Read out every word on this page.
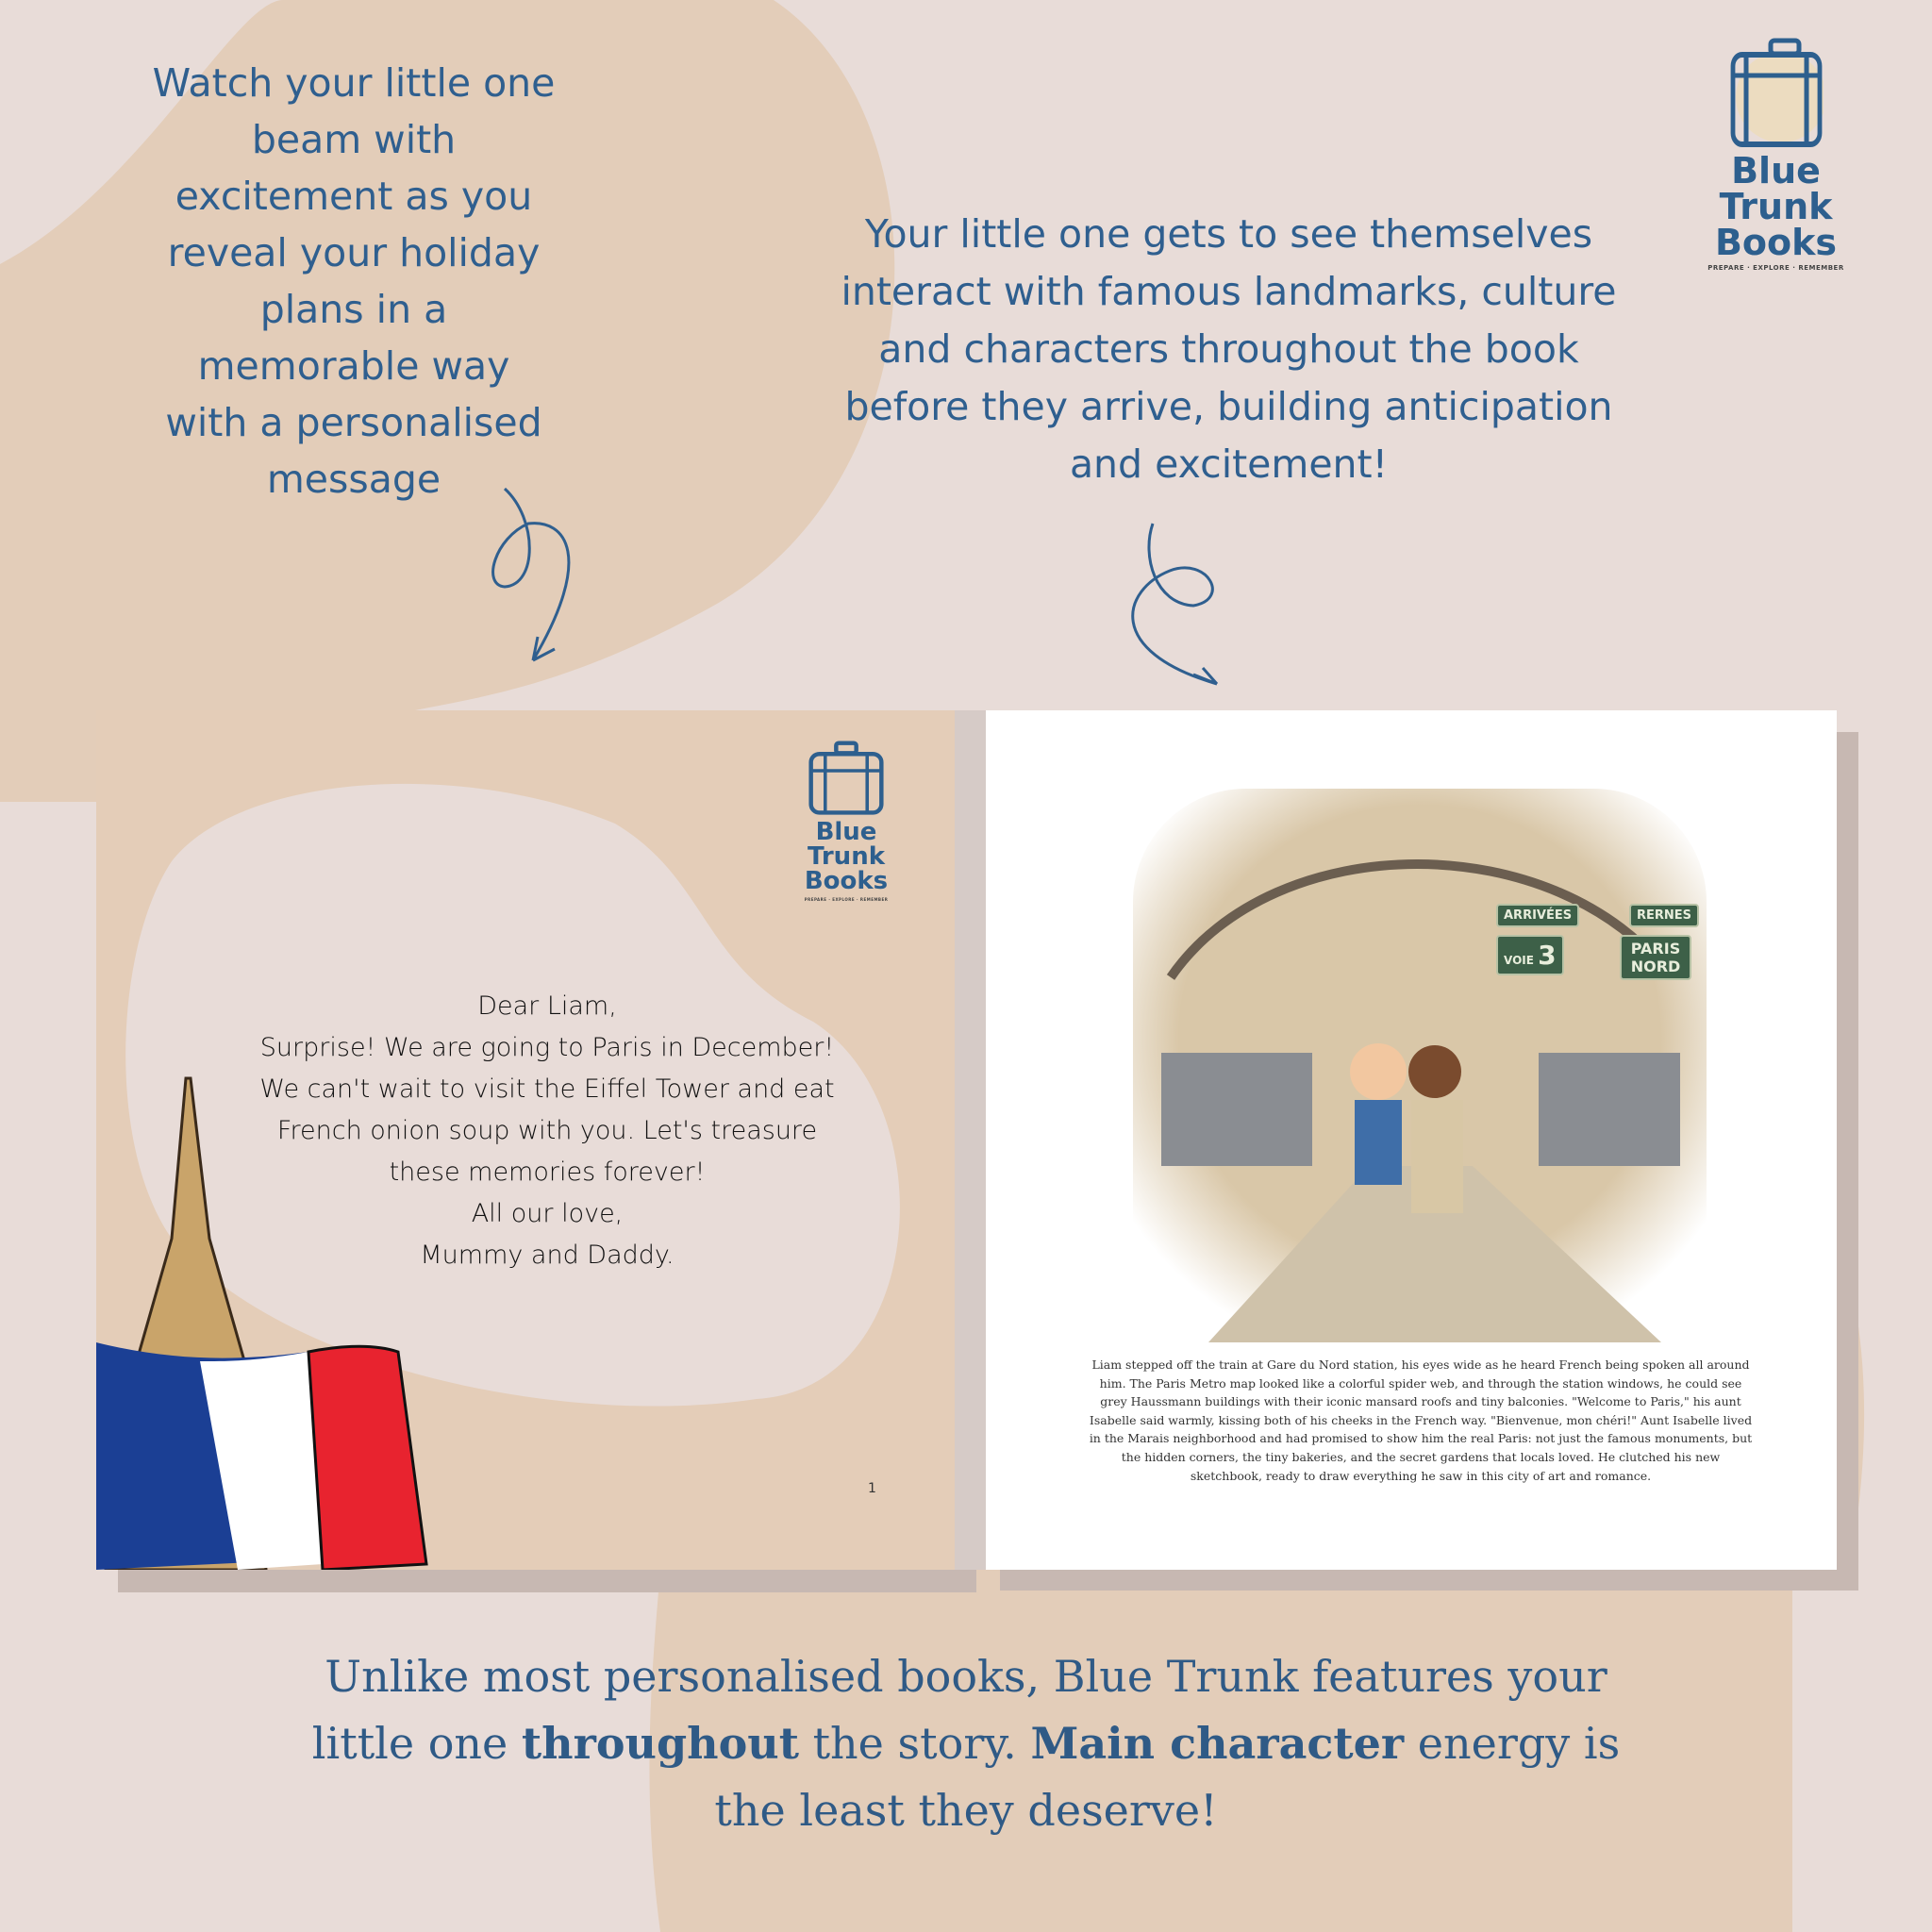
Watch your little one
beam with
excitement as you
reveal your holiday
plans in a
memorable way
with a personalised
message
Your little one gets to see themselves
interact with famous landmarks, culture
and characters throughout the book
before they arrive, building anticipation
and excitement!
Blue Trunk
Books
PREPARE · EXPLORE · REMEMBER
Blue Trunk
Books
PREPARE · EXPLORE · REMEMBER
Dear Liam,
Surprise! We are going to Paris in December!
We can't wait to visit the Eiffel Tower and eat
French onion soup with you. Let's treasure
these memories forever!
All our love,
Mummy and Daddy.
1
ARRIVÉES
VOIE 3
RERNES
PARIS NORD
Liam stepped off the train at Gare du Nord station, his eyes wide as he heard French being spoken all around him. The Paris Metro map looked like a colorful spider web, and through the station windows, he could see grey Haussmann buildings with their iconic mansard roofs and tiny balconies. "Welcome to Paris," his aunt Isabelle said warmly, kissing both of his cheeks in the French way. "Bienvenue, mon chéri!" Aunt Isabelle lived in the Marais neighborhood and had promised to show him the real Paris: not just the famous monuments, but the hidden corners, the tiny bakeries, and the secret gardens that locals loved. He clutched his new sketchbook, ready to draw everything he saw in this city of art and romance.
Unlike most personalised books, Blue Trunk features your little one throughout the story. Main character energy is the least they deserve!
